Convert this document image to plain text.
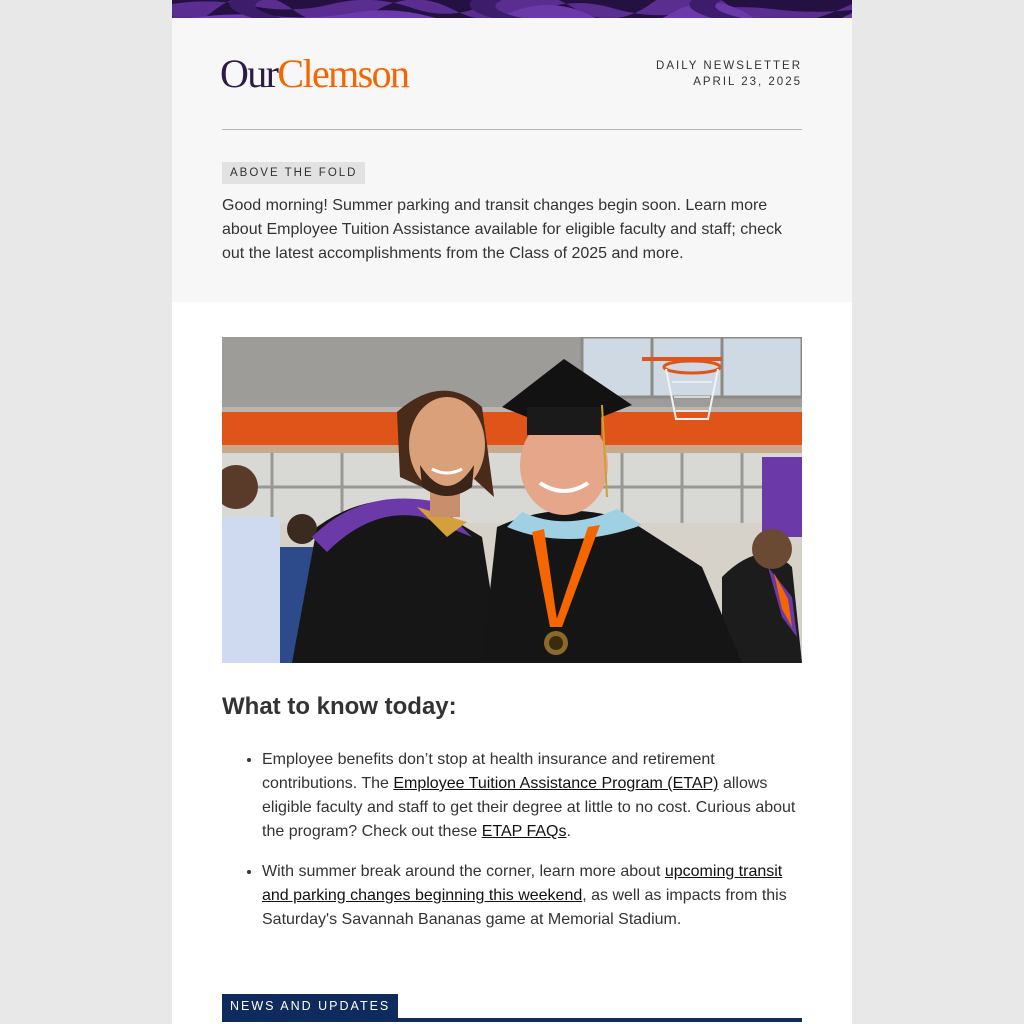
OurClemson	DAILY NEWSLETTER
APRIL 23, 2025
ABOVE THE FOLD

Good morning! Summer parking and transit changes begin soon. Learn more about Employee Tuition Assistance available for eligible faculty and staff; check out the latest accomplishments from the Class of 2025 and more.

What to know today:
• Employee benefits don’t stop at health insurance and retirement contributions. The Employee Tuition Assistance Program (ETAP) allows eligible faculty and staff to get their degree at little to no cost. Curious about the program? Check out these ETAP FAQs.
• With summer break around the corner, learn more about upcoming transit and parking changes beginning this weekend, as well as impacts from this Saturday's Savannah Bananas game at Memorial Stadium.
NEWS AND UPDATES
